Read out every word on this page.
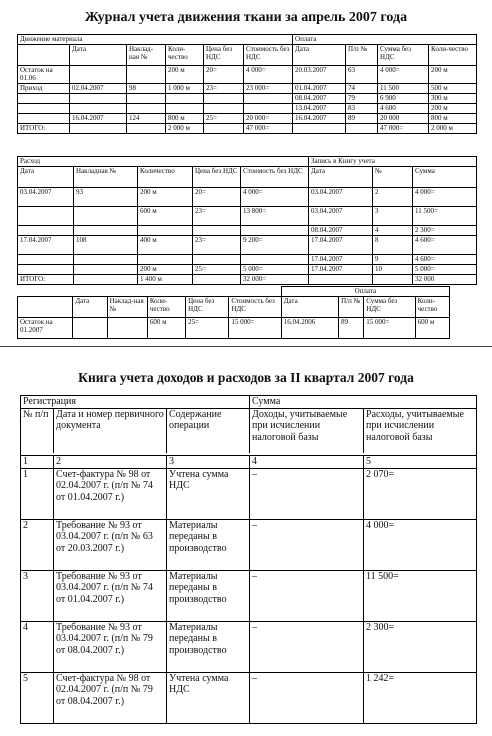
Журнал учета движения ткани за апрель 2007 года
Движение материала						Оплата			
	Дата	Наклад-ная №	Коли-чество	Цена без НДС	Стоимость без НДС	Дата	П/п №	Сумма без НДС	Коли-чество
Остаток на 01.06			200 м	20=	4 000=	20.03.2007	63	4 000=	200 м
Приход	02.04.2007	98	1 000 м	23=	23 000=	01.04.2007	74	11 500	500 м
						08.04.2007	79	6 900	300 м
						13.04.2007	83	4 600	200 м
	16.04.2007	124	800 м	25=	20 000=	16.04.2007	89	20 000	800 м
ИТОГО:			2 000 м		47 000=			47 000=	2 000 м
Расход					Запись в Книгу учета		
Дата	Накладная №	Количество	Цена без НДС	Стоимость без НДС	Дата	№	Сумма
03.04.2007	93	200 м	20=	4 000=	03.04.2007	2	4 000=
		600 м	23=	13 800=	03.04.2007	3	11 500=
					08.04.2007	4	2 300=
17.04.2007	108	400 м	23=	9 200=	17.04.2007	8	4 600=
					17.04.2007	9	4 600=
		200 м	25=	5 000=	17.04.2007	10	5 000=
ИТОГО:		1 400 м		32 000=			32 000
						Оплата			
	Дата	Наклад-ная №	Коли-чество	Цена без НДС	Стоимость без НДС	Дата	П/п №	Сумма без НДС	Коли-чество
Остаток на 01.2007			600 м	25=	15 000=	16.04.2006	89	15 000=	600 м
Книга учета доходов и расходов за II квартал 2007 года
Регистрация			Сумма	
№ п/п	Дата и номер первичного документа	Содержание операции	Доходы, учитываемые при исчислении налоговой базы	Расходы, учитываемые при исчислении налоговой базы

1	2	3	4	5
1	Счет-фактура № 98 от 02.04.2007 г. (п/п № 74 от 01.04.2007 г.)	Учтена сумма НДС	–	2 070=
2	Требование № 93 от 03.04.2007 г. (п/п № 63 от 20.03.2007 г.)	Материалы переданы в производство	–	4 000=
3	Требование № 93 от 03.04.2007 г. (п/п № 74 от 01.04.2007 г.)	Материалы переданы в производство	–	11 500=
4	Требование № 93 от 03.04.2007 г. (п/п № 79 от 08.04.2007 г.)	Материалы переданы в производство	–	2 300=
5	Счет-фактура № 98 от 02.04.2007 г. (п/п № 79 от 08.04.2007 г.)	Учтена сумма НДС	–	1 242=
